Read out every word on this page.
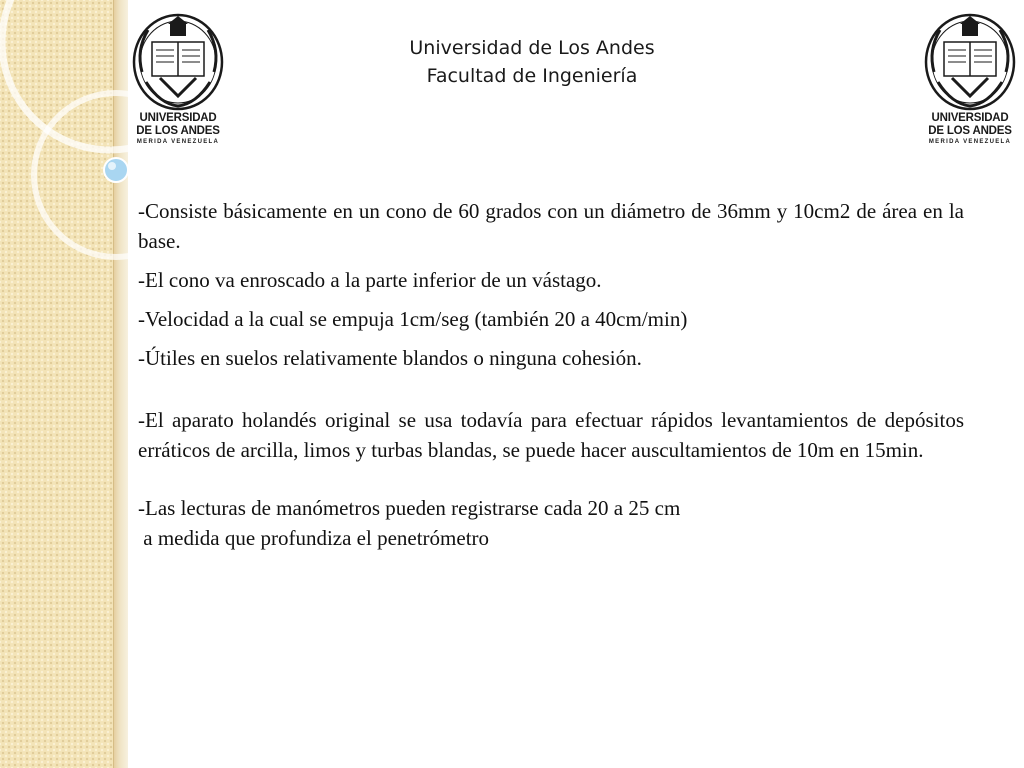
Universidad de Los Andes
Facultad de Ingeniería
UNIVERSIDAD
DE LOS ANDES
MERIDA VENEZUELA
UNIVERSIDAD
DE LOS ANDES
MERIDA VENEZUELA

-Consiste básicamente en un cono de 60 grados con un diámetro de 36mm y 10cm2 de área en la base.

-El cono va enroscado a la parte inferior de un vástago.

-Velocidad a la cual se empuja 1cm/seg (también 20 a 40cm/min)

-Útiles en suelos relativamente blandos o ninguna cohesión.

-El aparato holandés original se usa todavía para efectuar rápidos levantamientos de depósitos erráticos de arcilla, limos y turbas blandas, se puede hacer auscultamientos de 10m en 15min.

-Las lecturas de manómetros pueden registrarse cada 20 a 25 cm

a medida que profundiza el penetrómetro
